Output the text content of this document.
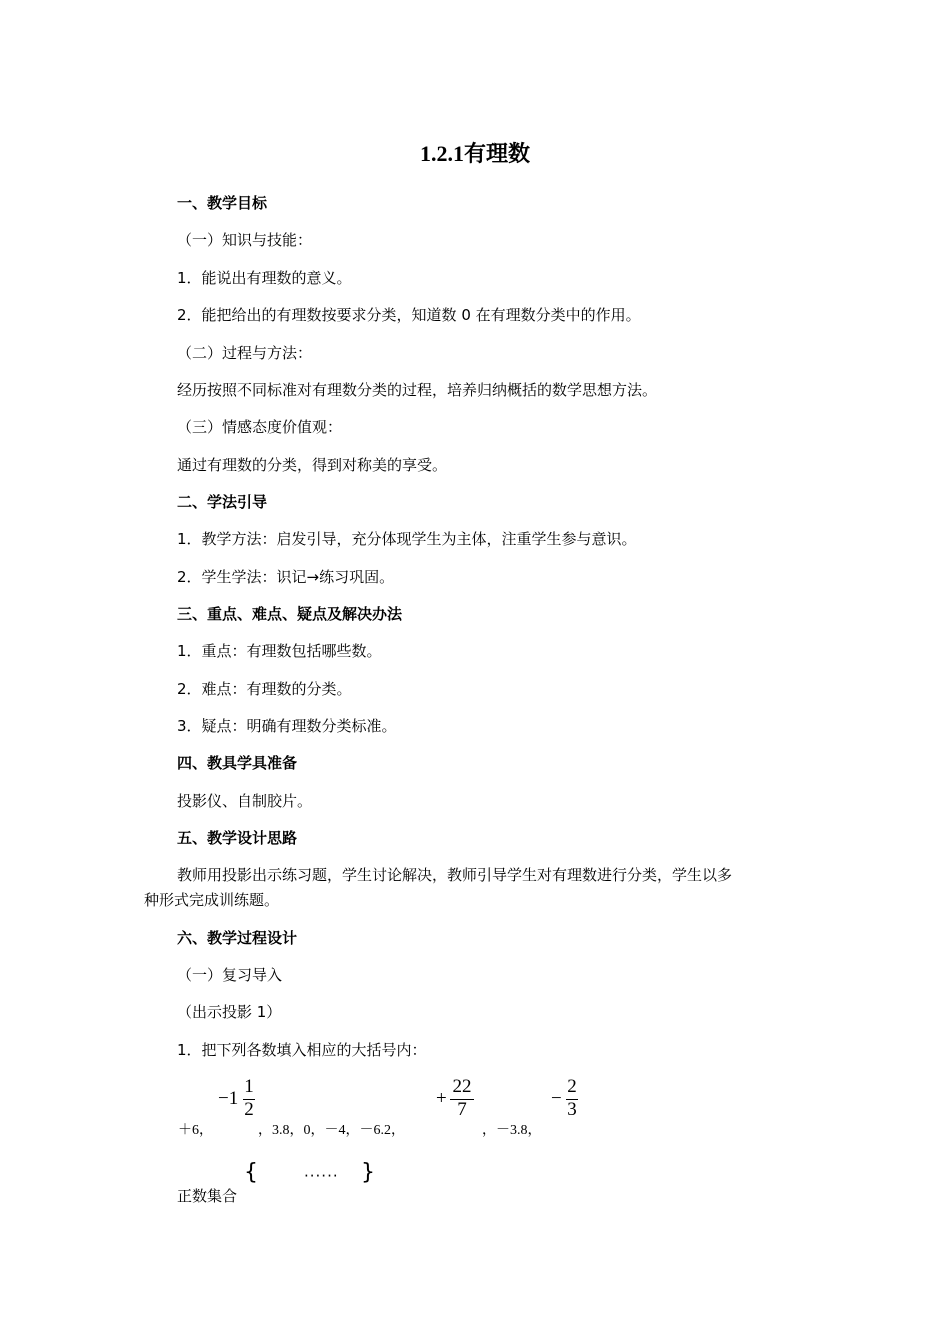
1.2.1有理数
一、教学目标
（一）知识与技能：
1．能说出有理数的意义。
2．能把给出的有理数按要求分类，知道数 0 在有理数分类中的作用。
（二）过程与方法：
经历按照不同标准对有理数分类的过程，培养归纳概括的数学思想方法。
（三）情感态度价值观：
通过有理数的分类，得到对称美的享受。
二、学法引导
1．教学方法：启发引导，充分体现学生为主体，注重学生参与意识。
2．学生学法：识记→练习巩固。
三、重点、难点、疑点及解决办法
1．重点：有理数包括哪些数。
2．难点：有理数的分类。
3．疑点：明确有理数分类标准。
四、教具学具准备
投影仪、自制胶片。
五、教学设计思路
教师用投影出示练习题，学生讨论解决，教师引导学生对有理数进行分类，学生以多
种形式完成训练题。
六、教学过程设计
（一）复习导入
（出示投影 1）
1．把下列各数填入相应的大括号内：
−1
1
2
+
22
7
−
2
3
＋6，	，3.8，0，－4，－6.2，	，－3.8，
{	······ }
正数集合
